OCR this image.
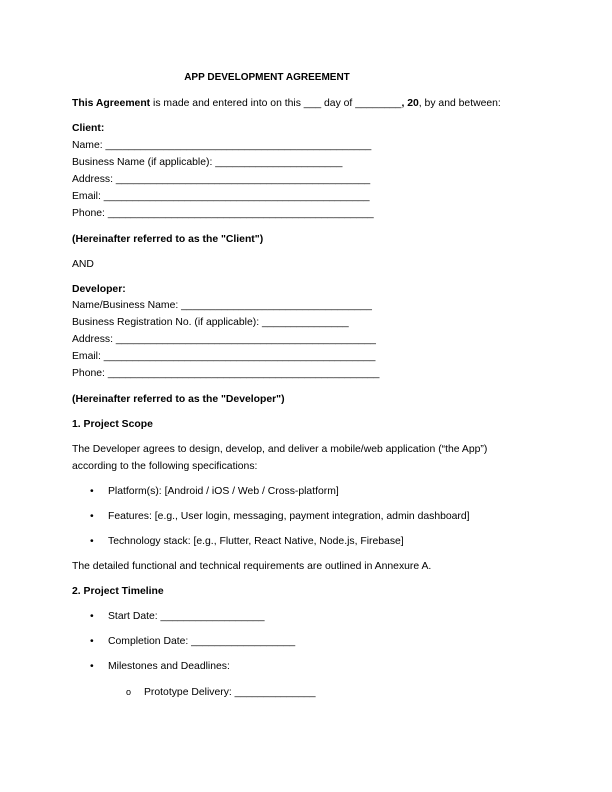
APP DEVELOPMENT AGREEMENT
This Agreement is made and entered into on this ___ day of ________, 20, by and between:
Client:
Name: ______________________________________________
Business Name (if applicable): ______________________
Address: ____________________________________________
Email: ______________________________________________
Phone: ______________________________________________
(Hereinafter referred to as the "Client")
AND
Developer:
Name/Business Name: _________________________________
Business Registration No. (if applicable): _______________
Address: _____________________________________________
Email: _______________________________________________
Phone: _______________________________________________
(Hereinafter referred to as the "Developer")
1. Project Scope
The Developer agrees to design, develop, and deliver a mobile/web application (“the App”)
according to the following specifications:
• Platform(s): [Android / iOS / Web / Cross-platform]
• Features: [e.g., User login, messaging, payment integration, admin dashboard]
• Technology stack: [e.g., Flutter, React Native, Node.js, Firebase]
The detailed functional and technical requirements are outlined in Annexure A.
2. Project Timeline
• Start Date: __________________
• Completion Date: __________________
• Milestones and Deadlines:
o Prototype Delivery: ______________
